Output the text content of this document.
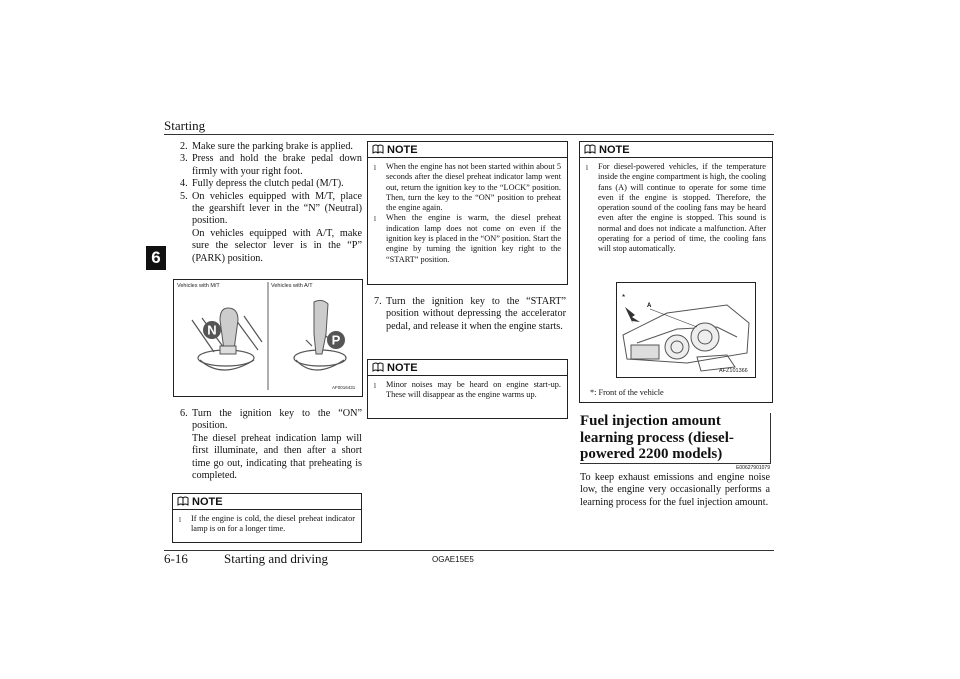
Starting
6
2. Make sure the parking brake is applied.

3. Press and hold the brake pedal down firmly with your right foot.

4. Fully depress the clutch pedal (M/T).

5. On vehicles equipped with M/T, place the gearshift lever in the “N” (Neutral) position.

On vehicles equipped with A/T, make sure the selector lever is in the “P” (PARK) position.

Vehicles with M/T	Vehicles with A/T
AF0016431
N
P
6. Turn the ignition key to the “ON” position.

The diesel preheat indication lamp will first illuminate, and then after a short time go out, indicating that preheating is completed.

NOTE
l	If the engine is cold, the diesel preheat indicator lamp is on for a longer time.
NOTE
l	When the engine has not been started within about 5 seconds after the diesel preheat indicator lamp went out, return the ignition key to the “LOCK” position. Then, turn the key to the “ON” position to preheat the engine again.
l	When the engine is warm, the diesel preheat indication lamp does not come on even if the ignition key is placed in the “ON” position. Start the engine by turning the ignition key right to the “START” position.
7. Turn the ignition key to the “START” position without depressing the accelerator pedal, and release it when the engine starts.

NOTE
l	Minor noises may be heard on engine start-up. These will disappear as the engine warms up.
NOTE
l	For diesel-powered vehicles, if the temperature inside the engine compartment is high, the cooling fans (A) will continue to operate for some time even if the engine is stopped. Therefore, the operation sound of the cooling fans may be heard even after the engine is stopped. This sound is normal and does not indicate a malfunction. After operating for a period of time, the cooling fans will stop automatically.
*
A
AFZ101366
*: Front of the vehicle
Fuel injection amount learning process (diesel-powered 2200 models)
E00627901079
To keep exhaust emissions and engine noise low, the engine very occasionally performs a learning process for the fuel injection amount.
6-16	Starting and driving	OGAE15E5
